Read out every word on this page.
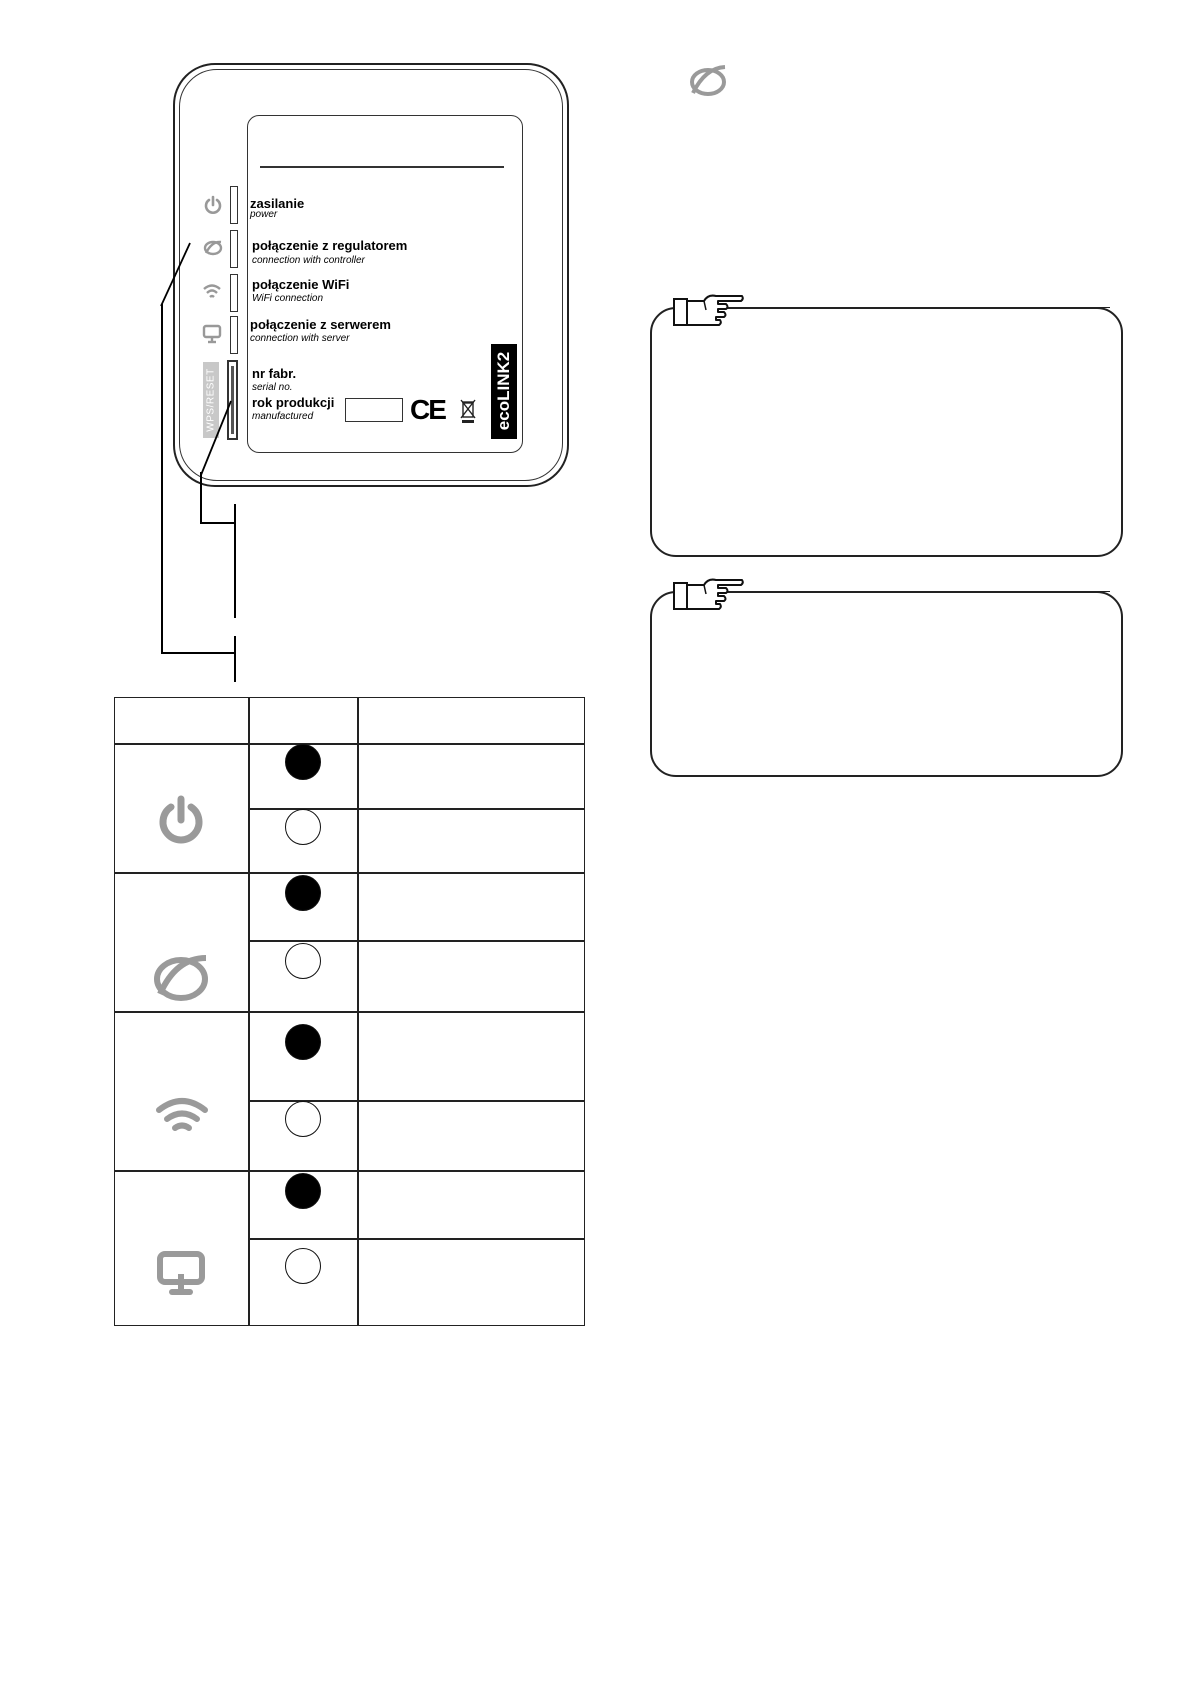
zasilanie
power
połączenie z regulatorem
connection with controller
połączenie WiFi
WiFi connection
połączenie z serwerem
connection with server
nr fabr.
serial no.
rok produkcji
manufactured
WPS/RESET	CE	ecoLINK2
